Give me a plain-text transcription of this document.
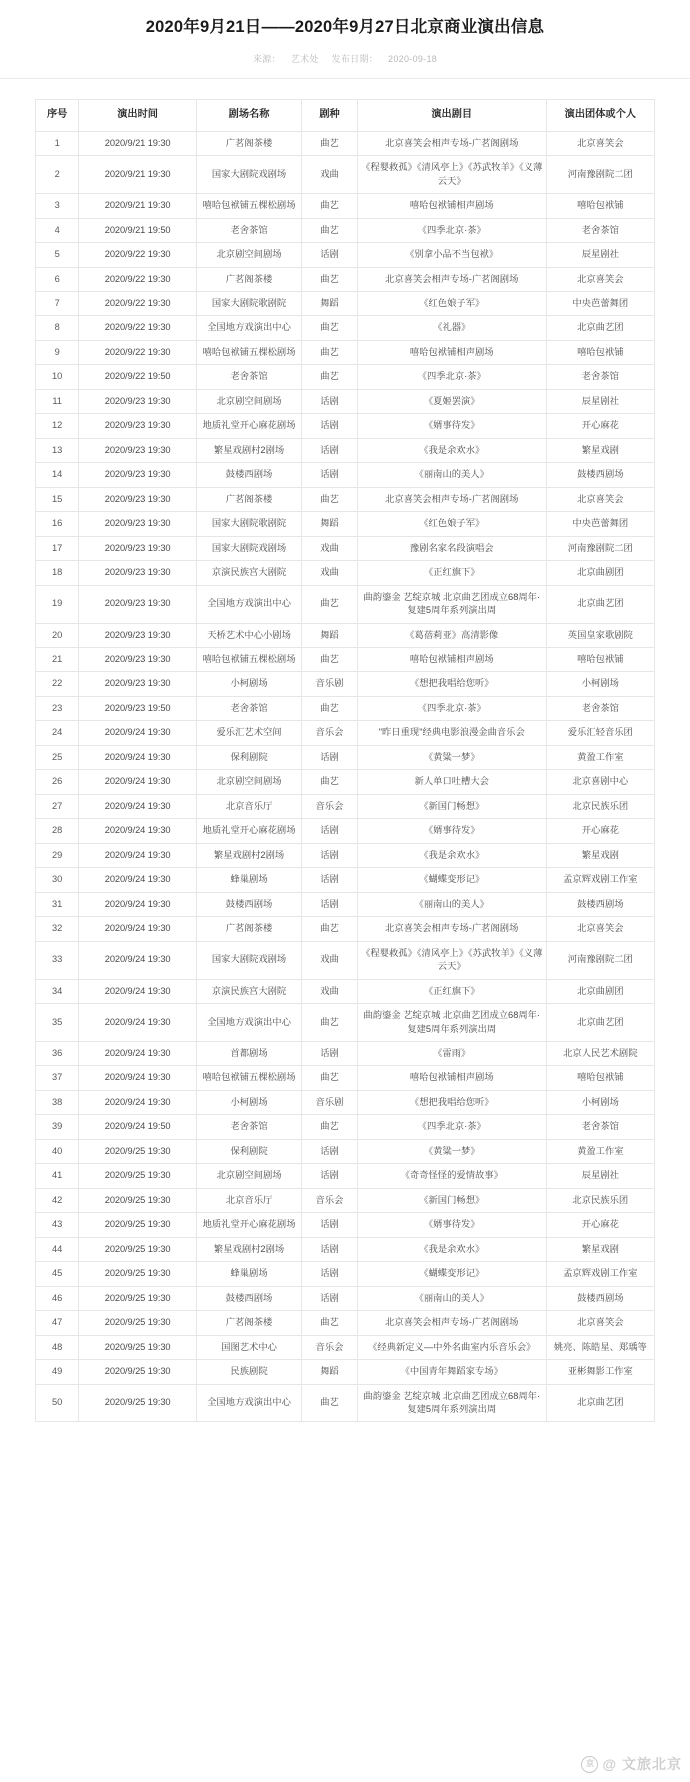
2020年9月21日——2020年9月27日北京商业演出信息
来源： 艺术处 发布日期： 2020-09-18
序号	演出时间	剧场名称	剧种	演出剧目	演出团体或个人
1	2020/9/21 19:30	广茗阁茶楼	曲艺	北京喜笑会相声专场-广茗阁剧场	北京喜笑会
2	2020/9/21 19:30	国家大剧院戏剧场	戏曲	《程婴救孤》《清风亭上》《苏武牧羊》《义薄云天》	河南豫剧院二团
3	2020/9/21 19:30	嘻哈包袱铺五棵松剧场	曲艺	嘻哈包袱铺相声剧场	嘻哈包袱铺
4	2020/9/21 19:50	老舍茶馆	曲艺	《四季北京·茶》	老舍茶馆
5	2020/9/22 19:30	北京剧空间剧场	话剧	《别拿小品不当包袱》	辰星剧社
6	2020/9/22 19:30	广茗阁茶楼	曲艺	北京喜笑会相声专场-广茗阁剧场	北京喜笑会
7	2020/9/22 19:30	国家大剧院歌剧院	舞蹈	《红色娘子军》	中央芭蕾舞团
8	2020/9/22 19:30	全国地方戏演出中心	曲艺	《礼器》	北京曲艺团
9	2020/9/22 19:30	嘻哈包袱铺五棵松剧场	曲艺	嘻哈包袱铺相声剧场	嘻哈包袱铺
10	2020/9/22 19:50	老舍茶馆	曲艺	《四季北京·茶》	老舍茶馆
11	2020/9/23 19:30	北京剧空间剧场	话剧	《夏姬罢演》	辰星剧社
12	2020/9/23 19:30	地质礼堂开心麻花剧场	话剧	《婿事待发》	开心麻花
13	2020/9/23 19:30	繁星戏剧村2剧场	话剧	《我是余欢水》	繁星戏剧
14	2020/9/23 19:30	鼓楼西剧场	话剧	《丽南山的美人》	鼓楼西剧场
15	2020/9/23 19:30	广茗阁茶楼	曲艺	北京喜笑会相声专场-广茗阁剧场	北京喜笑会
16	2020/9/23 19:30	国家大剧院歌剧院	舞蹈	《红色娘子军》	中央芭蕾舞团
17	2020/9/23 19:30	国家大剧院戏剧场	戏曲	豫剧名家名段演唱会	河南豫剧院二团
18	2020/9/23 19:30	京演民族宫大剧院	戏曲	《正红旗下》	北京曲剧团
19	2020/9/23 19:30	全国地方戏演出中心	曲艺	曲韵鎏金 艺绽京城 北京曲艺团成立68周年·复建5周年系列演出周	北京曲艺团
20	2020/9/23 19:30	天桥艺术中心小剧场	舞蹈	《葛蓓莉亚》高清影像	英国皇家歌剧院
21	2020/9/23 19:30	嘻哈包袱铺五棵松剧场	曲艺	嘻哈包袱铺相声剧场	嘻哈包袱铺
22	2020/9/23 19:30	小柯剧场	音乐剧	《想把我唱给您听》	小柯剧场
23	2020/9/23 19:50	老舍茶馆	曲艺	《四季北京·茶》	老舍茶馆
24	2020/9/24 19:30	爱乐汇艺术空间	音乐会	"昨日重现"经典电影浪漫金曲音乐会	爱乐汇轻音乐团
25	2020/9/24 19:30	保利剧院	话剧	《黄粱一梦》	黄盈工作室
26	2020/9/24 19:30	北京剧空间剧场	曲艺	新人单口吐槽大会	北京喜剧中心
27	2020/9/24 19:30	北京音乐厅	音乐会	《新国门畅想》	北京民族乐团
28	2020/9/24 19:30	地质礼堂开心麻花剧场	话剧	《婿事待发》	开心麻花
29	2020/9/24 19:30	繁星戏剧村2剧场	话剧	《我是余欢水》	繁星戏剧
30	2020/9/24 19:30	蜂巢剧场	话剧	《蝴蝶变形记》	孟京辉戏剧工作室
31	2020/9/24 19:30	鼓楼西剧场	话剧	《丽南山的美人》	鼓楼西剧场
32	2020/9/24 19:30	广茗阁茶楼	曲艺	北京喜笑会相声专场-广茗阁剧场	北京喜笑会
33	2020/9/24 19:30	国家大剧院戏剧场	戏曲	《程婴救孤》《清风亭上》《苏武牧羊》《义薄云天》	河南豫剧院二团
34	2020/9/24 19:30	京演民族宫大剧院	戏曲	《正红旗下》	北京曲剧团
35	2020/9/24 19:30	全国地方戏演出中心	曲艺	曲韵鎏金 艺绽京城 北京曲艺团成立68周年·复建5周年系列演出周	北京曲艺团
36	2020/9/24 19:30	首都剧场	话剧	《雷雨》	北京人民艺术剧院
37	2020/9/24 19:30	嘻哈包袱铺五棵松剧场	曲艺	嘻哈包袱铺相声剧场	嘻哈包袱铺
38	2020/9/24 19:30	小柯剧场	音乐剧	《想把我唱给您听》	小柯剧场
39	2020/9/24 19:50	老舍茶馆	曲艺	《四季北京·茶》	老舍茶馆
40	2020/9/25 19:30	保利剧院	话剧	《黄粱一梦》	黄盈工作室
41	2020/9/25 19:30	北京剧空间剧场	话剧	《奇奇怪怪的爱情故事》	辰星剧社
42	2020/9/25 19:30	北京音乐厅	音乐会	《新国门畅想》	北京民族乐团
43	2020/9/25 19:30	地质礼堂开心麻花剧场	话剧	《婿事待发》	开心麻花
44	2020/9/25 19:30	繁星戏剧村2剧场	话剧	《我是余欢水》	繁星戏剧
45	2020/9/25 19:30	蜂巢剧场	话剧	《蝴蝶变形记》	孟京辉戏剧工作室
46	2020/9/25 19:30	鼓楼西剧场	话剧	《丽南山的美人》	鼓楼西剧场
47	2020/9/25 19:30	广茗阁茶楼	曲艺	北京喜笑会相声专场-广茗阁剧场	北京喜笑会
48	2020/9/25 19:30	国图艺术中心	音乐会	《经典新定义—中外名曲室内乐音乐会》	姚亮、陈皓星、郑瑀等
49	2020/9/25 19:30	民族剧院	舞蹈	《中国青年舞蹈家专场》	亚彬舞影工作室
50	2020/9/25 19:30	全国地方戏演出中心	曲艺	曲韵鎏金 艺绽京城 北京曲艺团成立68周年·复建5周年系列演出周	北京曲艺团
京 @ 文旅北京
